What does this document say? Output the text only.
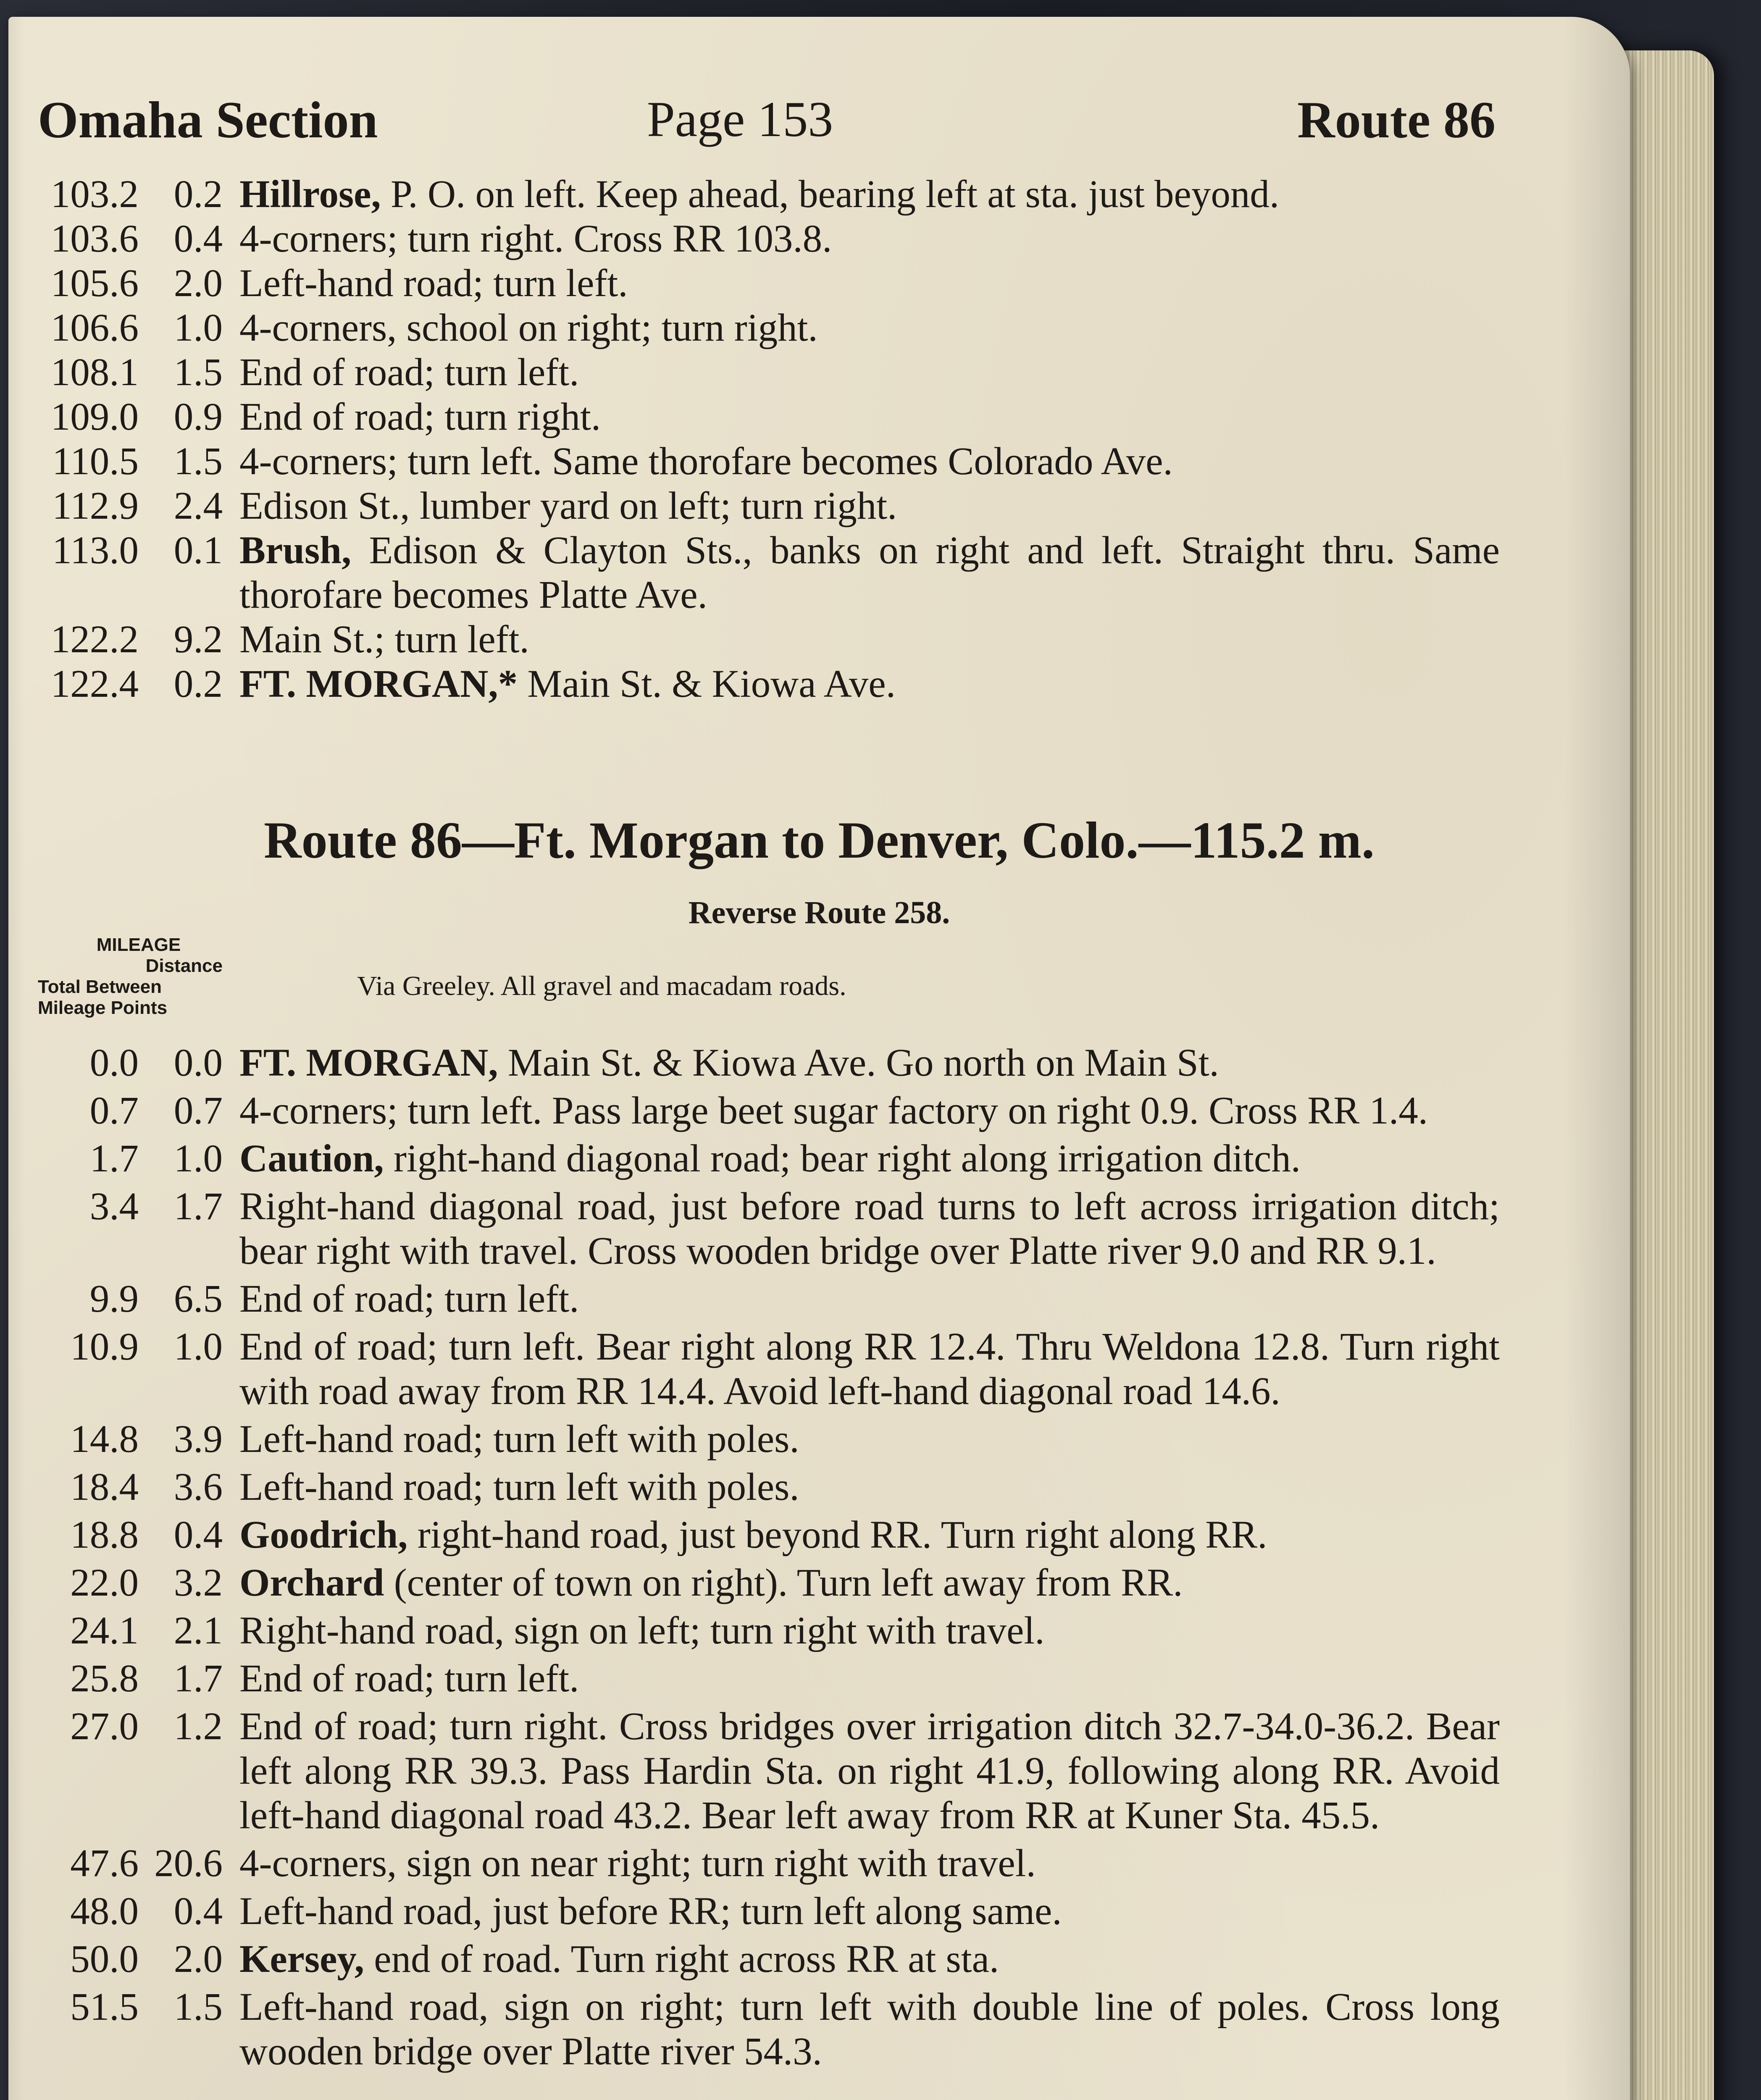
Omaha Section	Page 153	Route 86
103.2 0.2 Hillrose, P. O. on left. Keep ahead, bearing left at sta. just beyond.
103.6 0.4 4-corners; turn right. Cross RR 103.8.
105.6 2.0 Left-hand road; turn left.
106.6 1.0 4-corners, school on right; turn right.
108.1 1.5 End of road; turn left.
109.0 0.9 End of road; turn right.
110.5 1.5 4-corners; turn left. Same thorofare becomes Colorado Ave.
112.9 2.4 Edison St., lumber yard on left; turn right.
113.0 0.1 Brush, Edison & Clayton Sts., banks on right and left. Straight thru. Same thorofare becomes Platte Ave.
122.2 9.2 Main St.; turn left.
122.4 0.2 FT. MORGAN,* Main St. & Kiowa Ave.
Route 86—Ft. Morgan to Denver, Colo.—115.2 m.
Reverse Route 258.
MILEAGE
Distance
Total Between
Mileage Points
Via Greeley. All gravel and macadam roads.
0.0 0.0 FT. MORGAN, Main St. & Kiowa Ave. Go north on Main St.
0.7 0.7 4-corners; turn left. Pass large beet sugar factory on right 0.9. Cross RR 1.4.
1.7 1.0 Caution, right-hand diagonal road; bear right along irrigation ditch.
3.4 1.7 Right-hand diagonal road, just before road turns to left across irrigation ditch; bear right with travel. Cross wooden bridge over Platte river 9.0 and RR 9.1.
9.9 6.5 End of road; turn left.
10.9 1.0 End of road; turn left. Bear right along RR 12.4. Thru Weldona 12.8. Turn right with road away from RR 14.4. Avoid left-hand diagonal road 14.6.
14.8 3.9 Left-hand road; turn left with poles.
18.4 3.6 Left-hand road; turn left with poles.
18.8 0.4 Goodrich, right-hand road, just beyond RR. Turn right along RR.
22.0 3.2 Orchard (center of town on right). Turn left away from RR.
24.1 2.1 Right-hand road, sign on left; turn right with travel.
25.8 1.7 End of road; turn left.
27.0 1.2 End of road; turn right. Cross bridges over irrigation ditch 32.7-34.0-36.2. Bear left along RR 39.3. Pass Hardin Sta. on right 41.9, following along RR. Avoid left-hand diagonal road 43.2. Bear left away from RR at Kuner Sta. 45.5.
47.6 20.6 4-corners, sign on near right; turn right with travel.
48.0 0.4 Left-hand road, just before RR; turn left along same.
50.0 2.0 Kersey, end of road. Turn right across RR at sta.
51.5 1.5 Left-hand road, sign on right; turn left with double line of poles. Cross long wooden bridge over Platte river 54.3.
